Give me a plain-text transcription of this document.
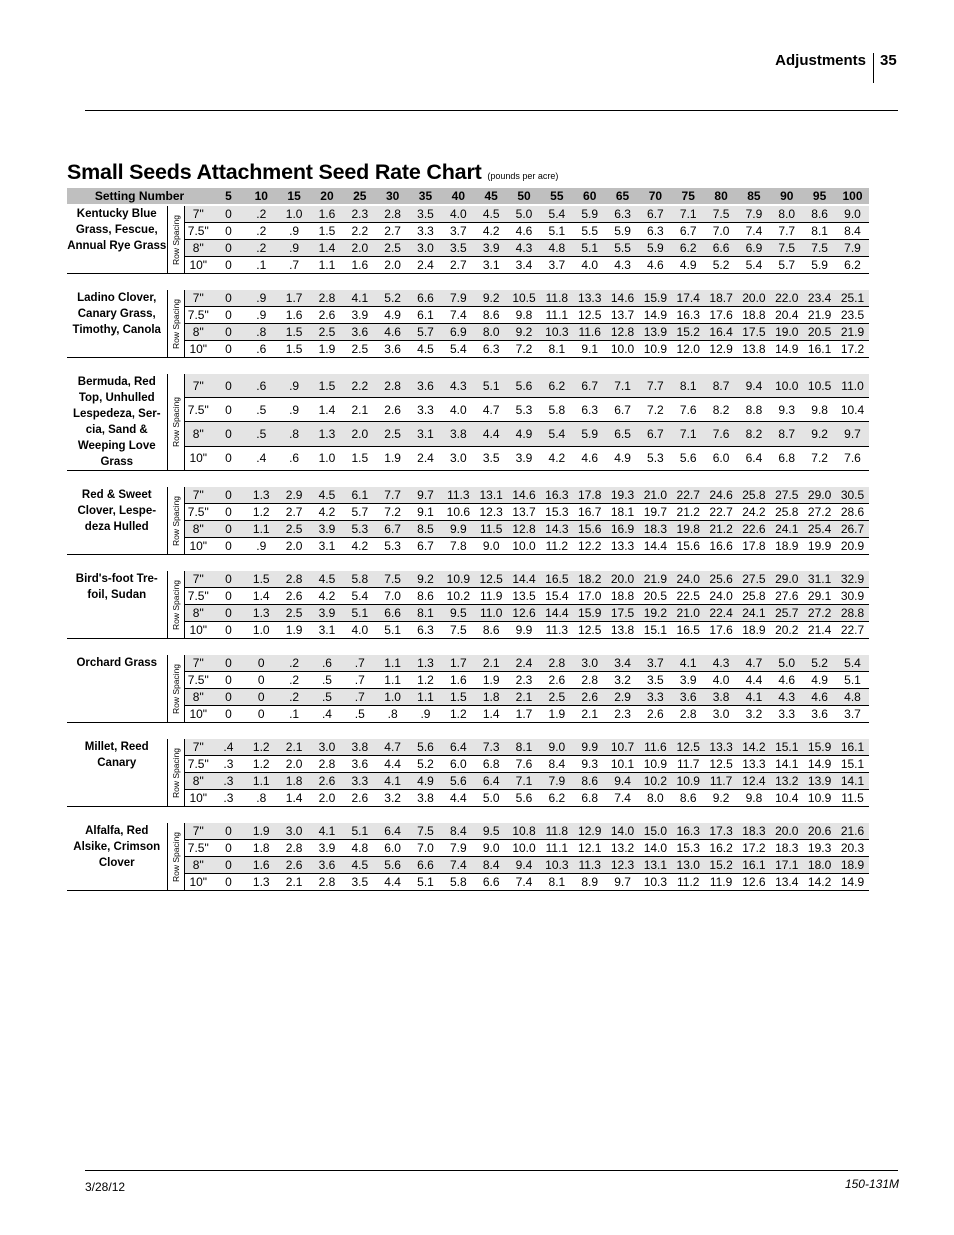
Adjustments 35
Small Seeds Attachment Seed Rate Chart (pounds per acre)
Setting Number			5	10	15	20	25	30	35	40	45	50	55	60	65	70	75	80	85	90	95	100
Kentucky Blue Grass, Fescue, Annual Rye Grass	Row Spacing	7"	0	.2	1.0	1.6	2.3	2.8	3.5	4.0	4.5	5.0	5.4	5.9	6.3	6.7	7.1	7.5	7.9	8.0	8.6	9.0
		7.5"	0	.2	.9	1.5	2.2	2.7	3.3	3.7	4.2	4.6	5.1	5.5	5.9	6.3	6.7	7.0	7.4	7.7	8.1	8.4
		8"	0	.2	.9	1.4	2.0	2.5	3.0	3.5	3.9	4.3	4.8	5.1	5.5	5.9	6.2	6.6	6.9	7.5	7.5	7.9
		10"	0	.1	.7	1.1	1.6	2.0	2.4	2.7	3.1	3.4	3.7	4.0	4.3	4.6	4.9	5.2	5.4	5.7	5.9	6.2

Ladino Clover, Canary Grass, Timothy, Canola	Row Spacing	7"	0	.9	1.7	2.8	4.1	5.2	6.6	7.9	9.2	10.5	11.8	13.3	14.6	15.9	17.4	18.7	20.0	22.0	23.4	25.1
		7.5"	0	.9	1.6	2.6	3.9	4.9	6.1	7.4	8.6	9.8	11.1	12.5	13.7	14.9	16.3	17.6	18.8	20.4	21.9	23.5
		8"	0	.8	1.5	2.5	3.6	4.6	5.7	6.9	8.0	9.2	10.3	11.6	12.8	13.9	15.2	16.4	17.5	19.0	20.5	21.9
		10"	0	.6	1.5	1.9	2.5	3.6	4.5	5.4	6.3	7.2	8.1	9.1	10.0	10.9	12.0	12.9	13.8	14.9	16.1	17.2

Bermuda, Red Top, Unhulled Lespedeza, Ser-cia, Sand & Weeping Love Grass	Row Spacing	7"	0	.6	.9	1.5	2.2	2.8	3.6	4.3	5.1	5.6	6.2	6.7	7.1	7.7	8.1	8.7	9.4	10.0	10.5	11.0
		7.5"	0	.5	.9	1.4	2.1	2.6	3.3	4.0	4.7	5.3	5.8	6.3	6.7	7.2	7.6	8.2	8.8	9.3	9.8	10.4
		8"	0	.5	.8	1.3	2.0	2.5	3.1	3.8	4.4	4.9	5.4	5.9	6.5	6.7	7.1	7.6	8.2	8.7	9.2	9.7
		10"	0	.4	.6	1.0	1.5	1.9	2.4	3.0	3.5	3.9	4.2	4.6	4.9	5.3	5.6	6.0	6.4	6.8	7.2	7.6

Red & Sweet Clover, Lespe-deza Hulled	Row Spacing	7"	0	1.3	2.9	4.5	6.1	7.7	9.7	11.3	13.1	14.6	16.3	17.8	19.3	21.0	22.7	24.6	25.8	27.5	29.0	30.5
		7.5"	0	1.2	2.7	4.2	5.7	7.2	9.1	10.6	12.3	13.7	15.3	16.7	18.1	19.7	21.2	22.7	24.2	25.8	27.2	28.6
		8"	0	1.1	2.5	3.9	5.3	6.7	8.5	9.9	11.5	12.8	14.3	15.6	16.9	18.3	19.8	21.2	22.6	24.1	25.4	26.7
		10"	0	.9	2.0	3.1	4.2	5.3	6.7	7.8	9.0	10.0	11.2	12.2	13.3	14.4	15.6	16.6	17.8	18.9	19.9	20.9

Bird's-foot Tre-foil, Sudan	Row Spacing	7"	0	1.5	2.8	4.5	5.8	7.5	9.2	10.9	12.5	14.4	16.5	18.2	20.0	21.9	24.0	25.6	27.5	29.0	31.1	32.9
		7.5"	0	1.4	2.6	4.2	5.4	7.0	8.6	10.2	11.9	13.5	15.4	17.0	18.8	20.5	22.5	24.0	25.8	27.6	29.1	30.9
		8"	0	1.3	2.5	3.9	5.1	6.6	8.1	9.5	11.0	12.6	14.4	15.9	17.5	19.2	21.0	22.4	24.1	25.7	27.2	28.8
		10"	0	1.0	1.9	3.1	4.0	5.1	6.3	7.5	8.6	9.9	11.3	12.5	13.8	15.1	16.5	17.6	18.9	20.2	21.4	22.7

Orchard Grass	Row Spacing	7"	0	0	.2	.6	.7	1.1	1.3	1.7	2.1	2.4	2.8	3.0	3.4	3.7	4.1	4.3	4.7	5.0	5.2	5.4
		7.5"	0	0	.2	.5	.7	1.1	1.2	1.6	1.9	2.3	2.6	2.8	3.2	3.5	3.9	4.0	4.4	4.6	4.9	5.1
		8"	0	0	.2	.5	.7	1.0	1.1	1.5	1.8	2.1	2.5	2.6	2.9	3.3	3.6	3.8	4.1	4.3	4.6	4.8
		10"	0	0	.1	.4	.5	.8	.9	1.2	1.4	1.7	1.9	2.1	2.3	2.6	2.8	3.0	3.2	3.3	3.6	3.7

Millet, Reed Canary	Row Spacing	7"	.4	1.2	2.1	3.0	3.8	4.7	5.6	6.4	7.3	8.1	9.0	9.9	10.7	11.6	12.5	13.3	14.2	15.1	15.9	16.1
		7.5"	.3	1.2	2.0	2.8	3.6	4.4	5.2	6.0	6.8	7.6	8.4	9.3	10.1	10.9	11.7	12.5	13.3	14.1	14.9	15.1
		8"	.3	1.1	1.8	2.6	3.3	4.1	4.9	5.6	6.4	7.1	7.9	8.6	9.4	10.2	10.9	11.7	12.4	13.2	13.9	14.1
		10"	.3	.8	1.4	2.0	2.6	3.2	3.8	4.4	5.0	5.6	6.2	6.8	7.4	8.0	8.6	9.2	9.8	10.4	10.9	11.5

Alfalfa, Red Alsike, Crimson Clover	Row Spacing	7"	0	1.9	3.0	4.1	5.1	6.4	7.5	8.4	9.5	10.8	11.8	12.9	14.0	15.0	16.3	17.3	18.3	20.0	20.6	21.6
		7.5"	0	1.8	2.8	3.9	4.8	6.0	7.0	7.9	9.0	10.0	11.1	12.1	13.2	14.0	15.3	16.2	17.2	18.3	19.3	20.3
		8"	0	1.6	2.6	3.6	4.5	5.6	6.6	7.4	8.4	9.4	10.3	11.3	12.3	13.1	13.0	15.2	16.1	17.1	18.0	18.9
		10"	0	1.3	2.1	2.8	3.5	4.4	5.1	5.8	6.6	7.4	8.1	8.9	9.7	10.3	11.2	11.9	12.6	13.4	14.2	14.9
3/28/12	150-131M
